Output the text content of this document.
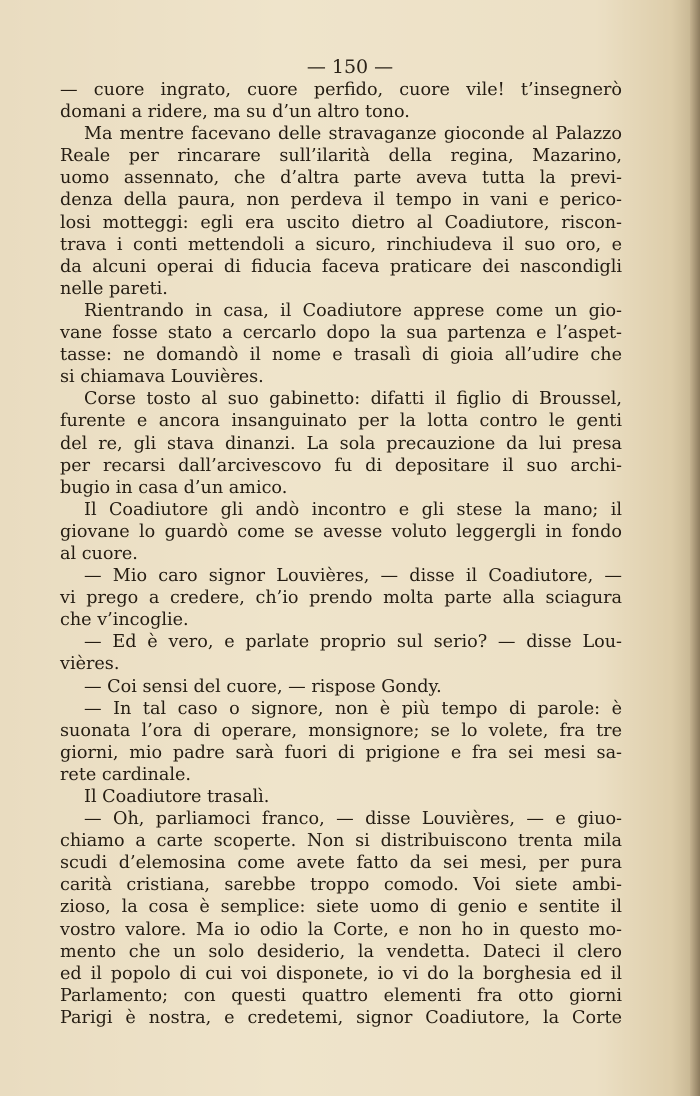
— 150 —

— cuore ingrato, cuore perfido, cuore vile! t’insegnerò
domani a ridere, ma su d’un altro tono.
Ma mentre facevano delle stravaganze gioconde al Palazzo
Reale per rincarare sull’ilarità della regina, Mazarino,
uomo assennato, che d’altra parte aveva tutta la previ-
denza della paura, non perdeva il tempo in vani e perico-
losi motteggi: egli era uscito dietro al Coadiutore, riscon-
trava i conti mettendoli a sicuro, rinchiudeva il suo oro, e
da alcuni operai di fiducia faceva praticare dei nascondigli
nelle pareti.
Rientrando in casa, il Coadiutore apprese come un gio-
vane fosse stato a cercarlo dopo la sua partenza e l’aspet-
tasse: ne domandò il nome e trasalì di gioia all’udire che
si chiamava Louvières.
Corse tosto al suo gabinetto: difatti il figlio di Broussel,
furente e ancora insanguinato per la lotta contro le genti
del re, gli stava dinanzi. La sola precauzione da lui presa
per recarsi dall’arcivescovo fu di depositare il suo archi-
bugio in casa d’un amico.
Il Coadiutore gli andò incontro e gli stese la mano; il
giovane lo guardò come se avesse voluto leggergli in fondo
al cuore.
— Mio caro signor Louvières, — disse il Coadiutore, —
vi prego a credere, ch’io prendo molta parte alla sciagura
che v’incoglie.
— Ed è vero, e parlate proprio sul serio? — disse Lou-
vières.
— Coi sensi del cuore, — rispose Gondy.
— In tal caso o signore, non è più tempo di parole: è
suonata l’ora di operare, monsignore; se lo volete, fra tre
giorni, mio padre sarà fuori di prigione e fra sei mesi sa-
rete cardinale.
Il Coadiutore trasalì.
— Oh, parliamoci franco, — disse Louvières, — e giuo-
chiamo a carte scoperte. Non si distribuiscono trenta mila
scudi d’elemosina come avete fatto da sei mesi, per pura
carità cristiana, sarebbe troppo comodo. Voi siete ambi-
zioso, la cosa è semplice: siete uomo di genio e sentite il
vostro valore. Ma io odio la Corte, e non ho in questo mo-
mento che un solo desiderio, la vendetta. Dateci il clero
ed il popolo di cui voi disponete, io vi do la borghesia ed il
Parlamento; con questi quattro elementi fra otto giorni
Parigi è nostra, e credetemi, signor Coadiutore, la Corte
